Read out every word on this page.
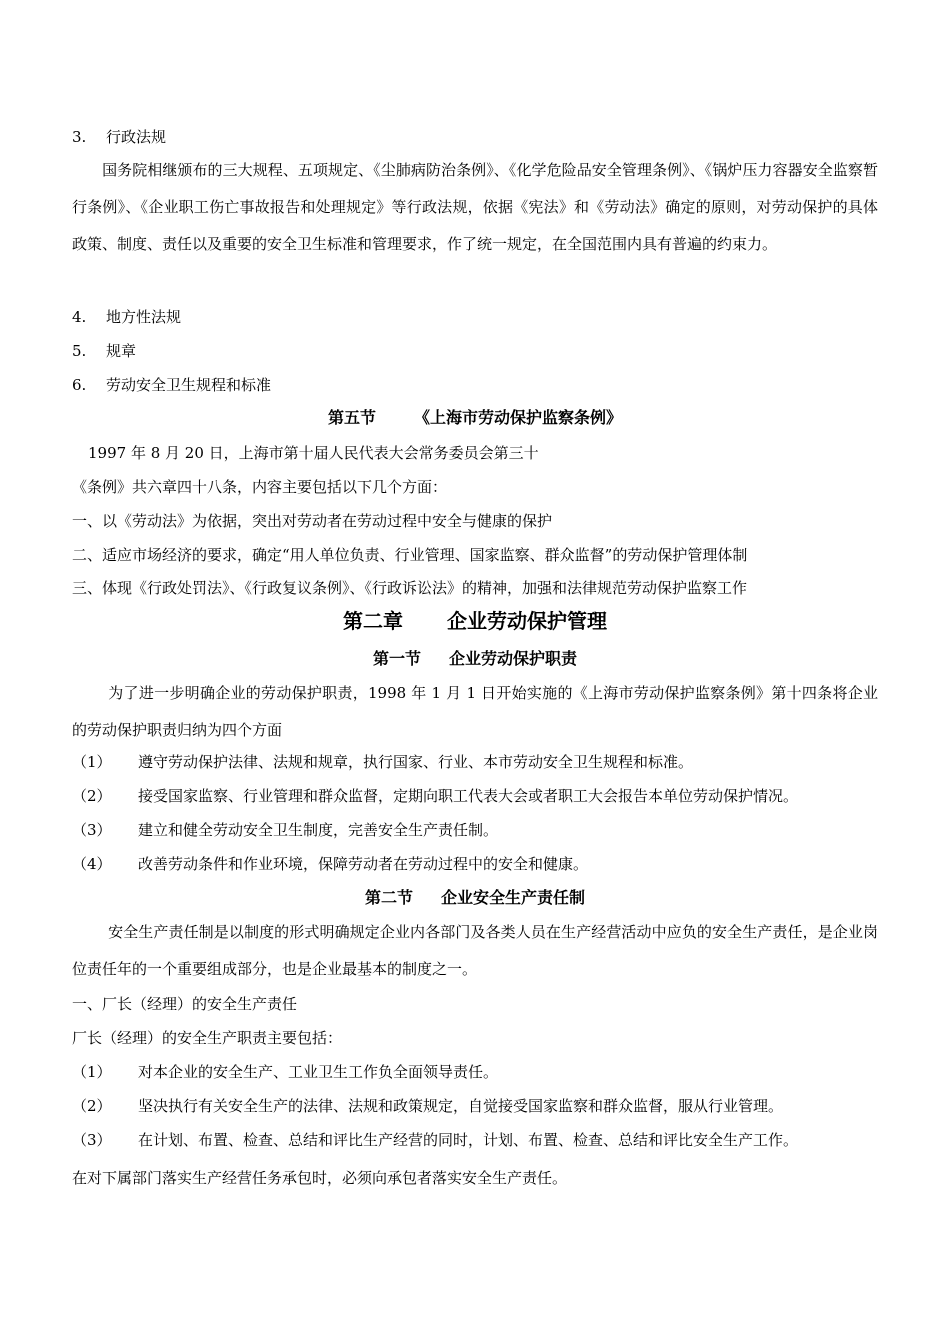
3. 行政法规
国务院相继颁布的三大规程、五项规定、《尘肺病防治条例》、《化学危险品安全管理条例》、《锅炉压力容器安全监察暂行条例》、《企业职工伤亡事故报告和处理规定》等行政法规，依据《宪法》和《劳动法》确定的原则，对劳动保护的具体政策、制度、责任以及重要的安全卫生标准和管理要求，作了统一规定，在全国范围内具有普遍的约束力。
4. 地方性法规
5. 规章
6. 劳动安全卫生规程和标准
第五节 《上海市劳动保护监察条例》
1997 年 8 月 20 日，上海市第十届人民代表大会常务委员会第三十
《条例》共六章四十八条，内容主要包括以下几个方面：
一、以《劳动法》为依据，突出对劳动者在劳动过程中安全与健康的保护
二、适应市场经济的要求，确定“用人单位负责、行业管理、国家监察、群众监督”的劳动保护管理体制
三、体现《行政处罚法》、《行政复议条例》、《行政诉讼法》的精神，加强和法律规范劳动保护监察工作
第二章 企业劳动保护管理
第一节 企业劳动保护职责
为了进一步明确企业的劳动保护职责，1998 年 1 月 1 日开始实施的《上海市劳动保护监察条例》第十四条将企业的劳动保护职责归纳为四个方面
（1） 遵守劳动保护法律、法规和规章，执行国家、行业、本市劳动安全卫生规程和标准。
（2） 接受国家监察、行业管理和群众监督，定期向职工代表大会或者职工大会报告本单位劳动保护情况。
（3） 建立和健全劳动安全卫生制度，完善安全生产责任制。
（4） 改善劳动条件和作业环境，保障劳动者在劳动过程中的安全和健康。
第二节 企业安全生产责任制
安全生产责任制是以制度的形式明确规定企业内各部门及各类人员在生产经营活动中应负的安全生产责任，是企业岗位责任年的一个重要组成部分，也是企业最基本的制度之一。
一、厂长（经理）的安全生产责任
厂长（经理）的安全生产职责主要包括：
（1） 对本企业的安全生产、工业卫生工作负全面领导责任。
（2） 坚决执行有关安全生产的法律、法规和政策规定，自觉接受国家监察和群众监督，服从行业管理。
（3） 在计划、布置、检查、总结和评比生产经营的同时，计划、布置、检查、总结和评比安全生产工作。
在对下属部门落实生产经营任务承包时，必须向承包者落实安全生产责任。
